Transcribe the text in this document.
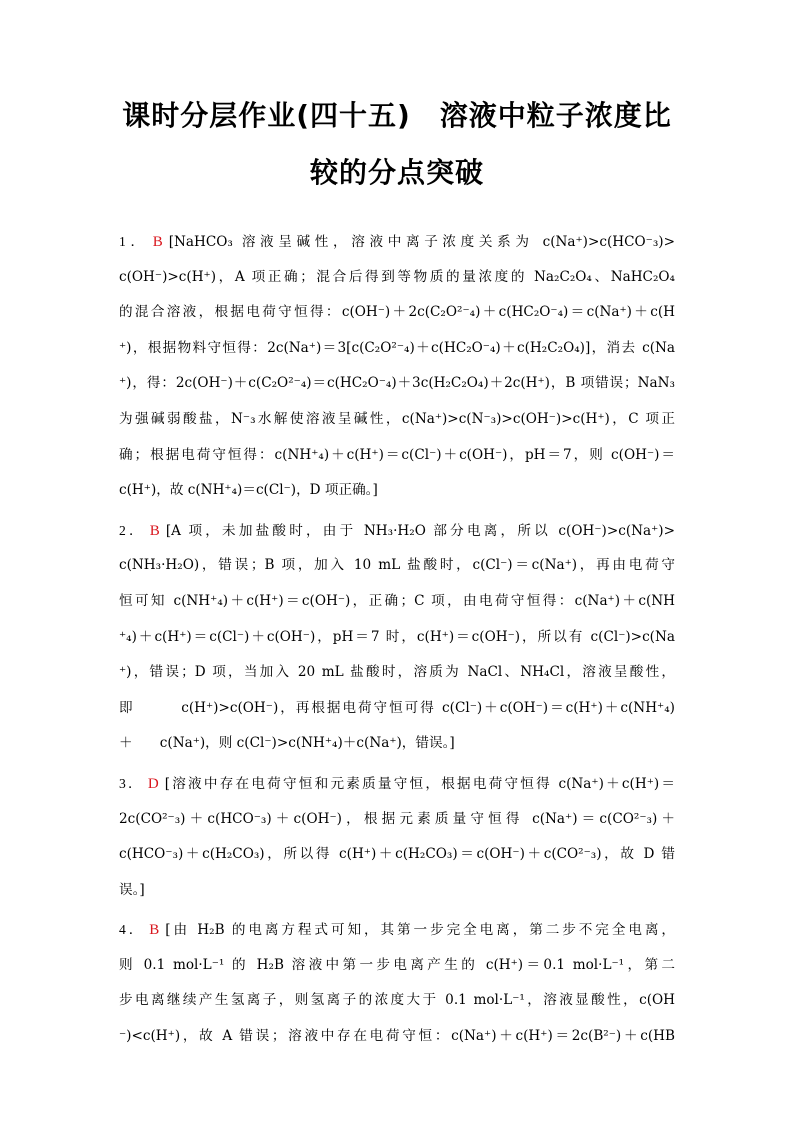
课时分层作业(四十五)　溶液中粒子浓度比
较的分点突破
1． B [NaHCO₃ 溶液呈碱性，溶液中离子浓度关系为 c(Na⁺)>c(HCO⁻₃)>
c(OH⁻)>c(H⁺)，A 项正确；混合后得到等物质的量浓度的 Na₂C₂O₄、NaHC₂O₄
的混合溶液，根据电荷守恒得：c(OH⁻)＋2c(C₂O²⁻₄)＋c(HC₂O⁻₄)＝c(Na⁺)＋c(H
⁺)，根据物料守恒得：2c(Na⁺)＝3[c(C₂O²⁻₄)＋c(HC₂O⁻₄)＋c(H₂C₂O₄)]，消去 c(Na
⁺)，得：2c(OH⁻)＋c(C₂O²⁻₄)＝c(HC₂O⁻₄)＋3c(H₂C₂O₄)＋2c(H⁺)，B 项错误；NaN₃
为强碱弱酸盐，N⁻₃水解使溶液呈碱性，c(Na⁺)>c(N⁻₃)>c(OH⁻)>c(H⁺)，C 项正
确；根据电荷守恒得：c(NH⁺₄)＋c(H⁺)＝c(Cl⁻)＋c(OH⁻)，pH＝7，则 c(OH⁻)＝
c(H⁺)，故 c(NH⁺₄)＝c(Cl⁻)，D 项正确。]
2． B [A 项，未加盐酸时，由于 NH₃·H₂O 部分电离，所以 c(OH⁻)>c(Na⁺)>
c(NH₃·H₂O)，错误；B 项，加入 10 mL 盐酸时，c(Cl⁻)＝c(Na⁺)，再由电荷守
恒可知 c(NH⁺₄)＋c(H⁺)＝c(OH⁻)，正确；C 项，由电荷守恒得：c(Na⁺)＋c(NH
⁺₄)＋c(H⁺)＝c(Cl⁻)＋c(OH⁻)，pH＝7 时，c(H⁺)＝c(OH⁻)，所以有 c(Cl⁻)>c(Na
⁺)，错误；D 项，当加入 20 mL 盐酸时，溶质为 NaCl、NH₄Cl，溶液呈酸性，
即　　　c(H⁺)>c(OH⁻)，再根据电荷守恒可得 c(Cl⁻)＋c(OH⁻)＝c(H⁺)＋c(NH⁺₄)
＋　　c(Na⁺)，则 c(Cl⁻)>c(NH⁺₄)＋c(Na⁺)，错误。]
3． D [溶液中存在电荷守恒和元素质量守恒，根据电荷守恒得 c(Na⁺)＋c(H⁺)＝
2c(CO²⁻₃)＋c(HCO⁻₃)＋c(OH⁻)，根据元素质量守恒得 c(Na⁺)＝c(CO²⁻₃)＋
c(HCO⁻₃)＋c(H₂CO₃)，所以得 c(H⁺)＋c(H₂CO₃)＝c(OH⁻)＋c(CO²⁻₃)，故 D 错
误。]
4． B [由 H₂B 的电离方程式可知，其第一步完全电离，第二步不完全电离，
则 0.1 mol·L⁻¹ 的 H₂B 溶液中第一步电离产生的 c(H⁺)＝0.1 mol·L⁻¹，第二
步电离继续产生氢离子，则氢离子的浓度大于 0.1 mol·L⁻¹，溶液显酸性，c(OH
⁻)<c(H⁺)，故 A 错误；溶液中存在电荷守恒：c(Na⁺)＋c(H⁺)＝2c(B²⁻)＋c(HB
